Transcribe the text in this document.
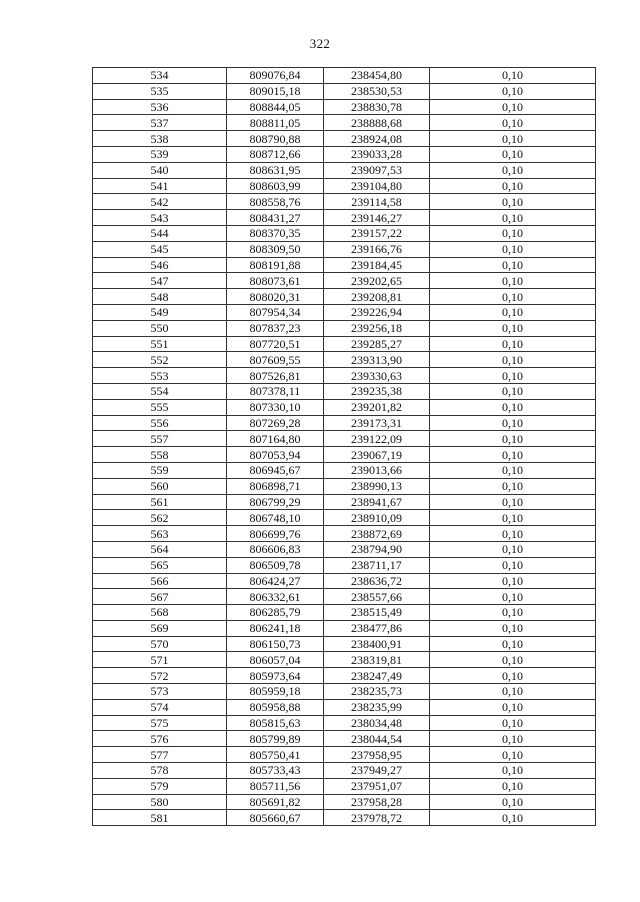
322
534	809076,84	238454,80	0,10
535	809015,18	238530,53	0,10
536	808844,05	238830,78	0,10
537	808811,05	238888,68	0,10
538	808790,88	238924,08	0,10
539	808712,66	239033,28	0,10
540	808631,95	239097,53	0,10
541	808603,99	239104,80	0,10
542	808558,76	239114,58	0,10
543	808431,27	239146,27	0,10
544	808370,35	239157,22	0,10
545	808309,50	239166,76	0,10
546	808191,88	239184,45	0,10
547	808073,61	239202,65	0,10
548	808020,31	239208,81	0,10
549	807954,34	239226,94	0,10
550	807837,23	239256,18	0,10
551	807720,51	239285,27	0,10
552	807609,55	239313,90	0,10
553	807526,81	239330,63	0,10
554	807378,11	239235,38	0,10
555	807330,10	239201,82	0,10
556	807269,28	239173,31	0,10
557	807164,80	239122,09	0,10
558	807053,94	239067,19	0,10
559	806945,67	239013,66	0,10
560	806898,71	238990,13	0,10
561	806799,29	238941,67	0,10
562	806748,10	238910,09	0,10
563	806699,76	238872,69	0,10
564	806606,83	238794,90	0,10
565	806509,78	238711,17	0,10
566	806424,27	238636,72	0,10
567	806332,61	238557,66	0,10
568	806285,79	238515,49	0,10
569	806241,18	238477,86	0,10
570	806150,73	238400,91	0,10
571	806057,04	238319,81	0,10
572	805973,64	238247,49	0,10
573	805959,18	238235,73	0,10
574	805958,88	238235,99	0,10
575	805815,63	238034,48	0,10
576	805799,89	238044,54	0,10
577	805750,41	237958,95	0,10
578	805733,43	237949,27	0,10
579	805711,56	237951,07	0,10
580	805691,82	237958,28	0,10
581	805660,67	237978,72	0,10
